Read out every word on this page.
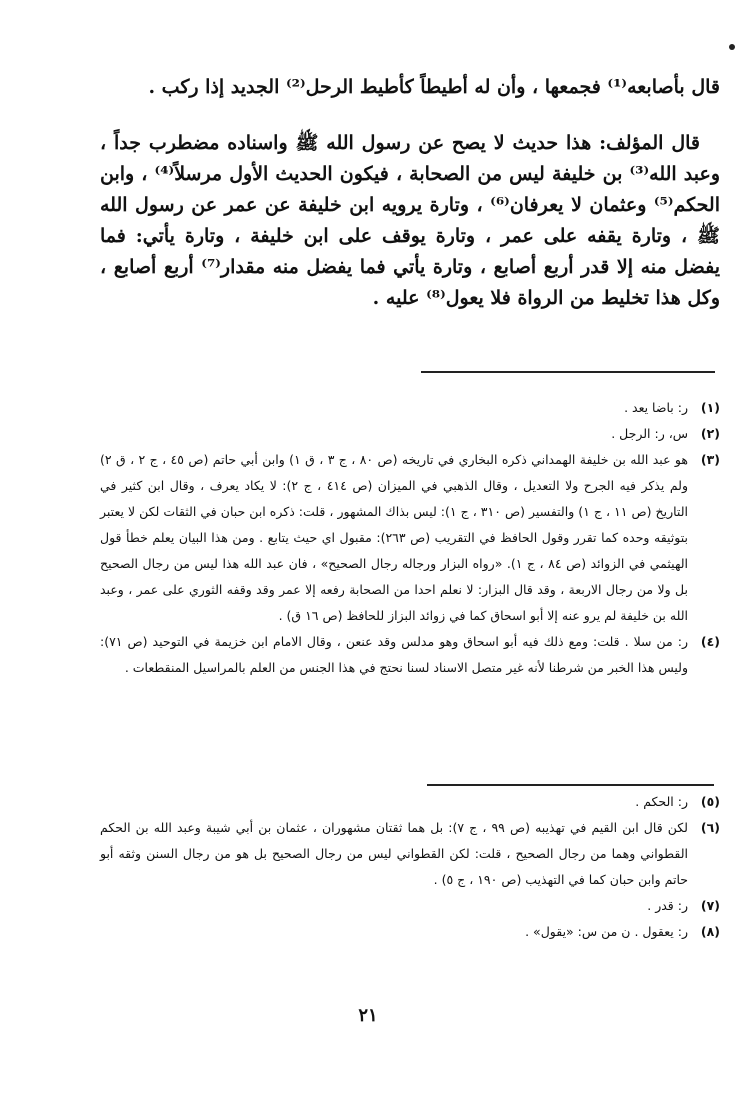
قال بأصابعه⁽¹⁾ فجمعها ، وأن له أطيطاً كأطيط الرحل⁽²⁾ الجديد إذا ركب .

قال المؤلف: هذا حديث لا يصح عن رسول الله ﷺ واسناده مضطرب جداً ، وعبد الله⁽³⁾ بن خليفة ليس من الصحابة ، فيكون الحديث الأول مرسلاً⁽⁴⁾ ، وابن الحكم⁽⁵⁾ وعثمان لا يعرفان⁽⁶⁾ ، وتارة يرويه ابن خليفة عن عمر عن رسول الله ﷺ ، وتارة يقفه على عمر ، وتارة يوقف على ابن خليفة ، وتارة يأتي: فما يفضل منه إلا قدر أربع أصابع ، وتارة يأتي فما يفضل منه مقدار⁽⁷⁾ أربع أصابع ، وكل هذا تخليط من الرواة فلا يعول⁽⁸⁾ عليه .

(١)
ر: باضا يعد .
(٢)
س، ر: الرجل .
(٣)
هو عبد الله بن خليفة الهمداني ذكره البخاري في تاريخه (ص ٨٠ ، ج ٣ ، ق ١) وابن أبي حاتم (ص ٤٥ ، ج ٢ ، ق ٢) ولم يذكر فيه الجرح ولا التعديل ، وقال الذهبي في الميزان (ص ٤١٤ ، ج ٢): لا يكاد يعرف ، وقال ابن كثير في التاريخ (ص ١١ ، ج ١) والتفسير (ص ٣١٠ ، ج ١): ليس بذاك المشهور ، قلت: ذكره ابن حبان في الثقات لكن لا يعتبر بتوثيقه وحده كما تقرر وقول الحافظ في التقريب (ص ٢٦٣): مقبول اي حيث يتابع . ومن هذا البيان يعلم خطأ قول الهيثمي في الزوائد (ص ٨٤ ، ج ١). «رواه البزار ورجاله رجال الصحيح» ، فان عبد الله هذا ليس من رجال الصحيح بل ولا من رجال الاربعة ، وقد قال البزار: لا نعلم احدا من الصحابة رفعه إلا عمر وقد وقفه الثوري على عمر ، وعبد الله بن خليفة لم يرو عنه إلا أبو اسحاق كما في زوائد البزاز للحافظ (ص ١٦ ق) .
(٤)
ر: من سلا . قلت: ومع ذلك فيه أبو اسحاق وهو مدلس وقد عنعن ، وقال الامام ابن خزيمة في التوحيد (ص ٧١): وليس هذا الخبر من شرطنا لأنه غير متصل الاسناد لسنا نحتج في هذا الجنس من العلم بالمراسيل المنقطعات .
(٥)
ر: الحكم .
(٦)
لكن قال ابن القيم في تهذيبه (ص ٩٩ ، ج ٧): بل هما ثقتان مشهوران ، عثمان بن أبي شيبة وعبد الله بن الحكم القطواني وهما من رجال الصحيح ، قلت: لكن القطواني ليس من رجال الصحيح بل هو من رجال السنن وثقه أبو حاتم وابن حبان كما في التهذيب (ص ١٩٠ ، ج ٥) .
(٧)
ر: قدر .
(٨)
ر: يعقول . ن من س: «يقول» .
٢١
